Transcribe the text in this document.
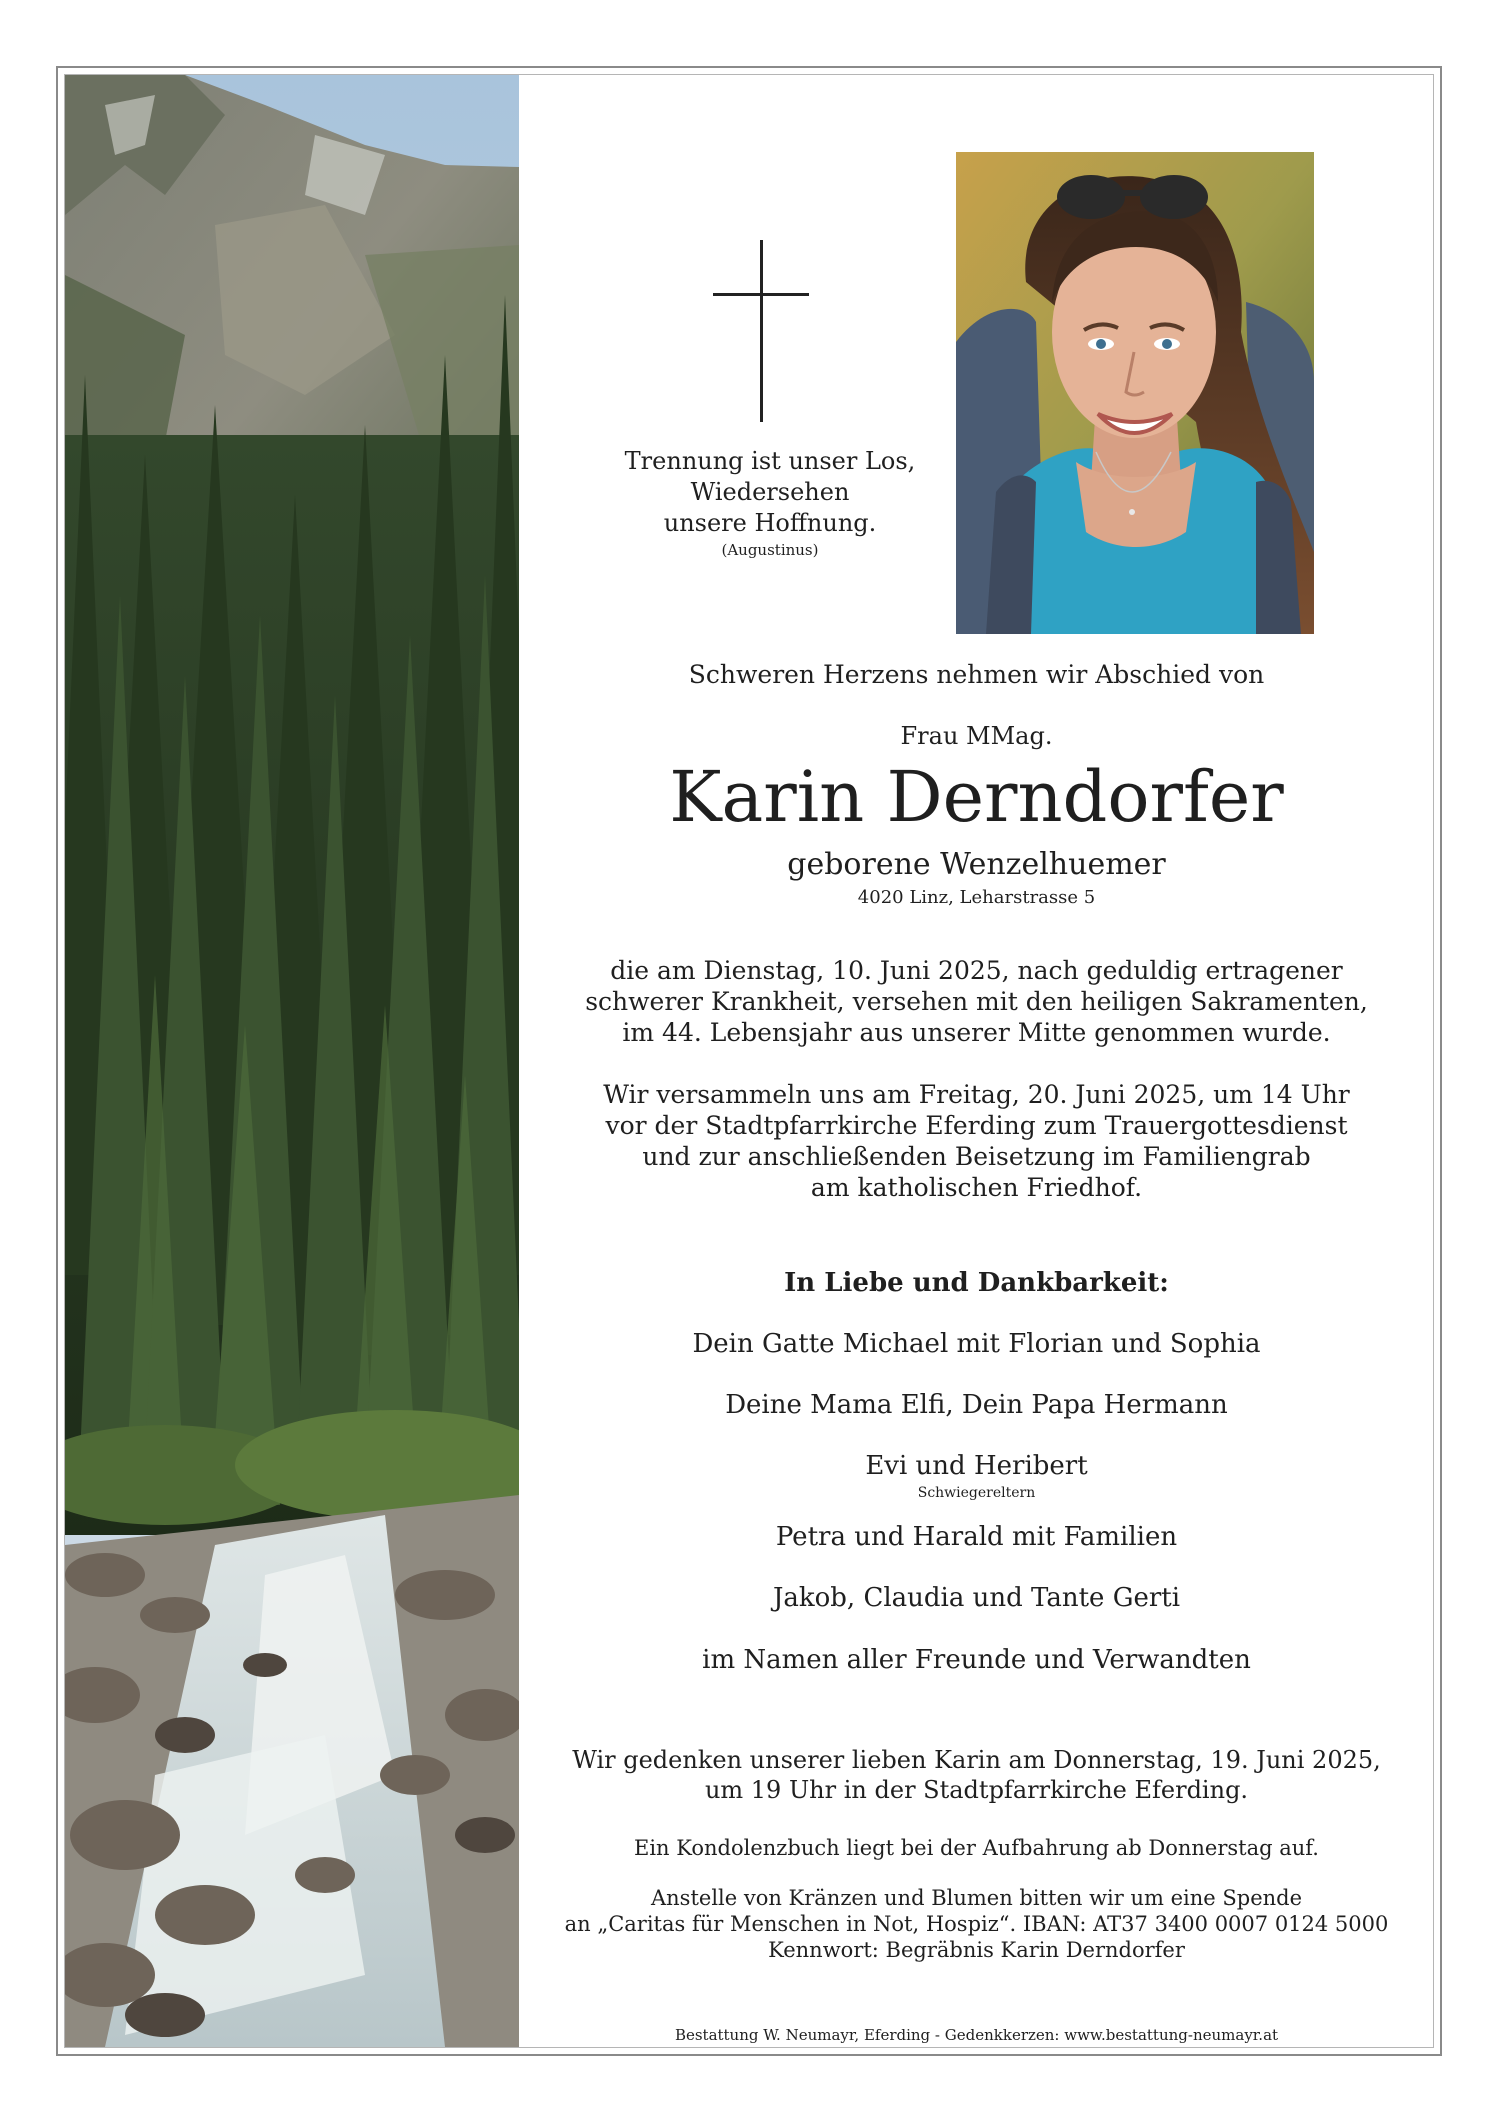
Trennung ist unser Los,
Wiedersehen
unsere Hoffnung.
(Augustinus)
Schweren Herzens nehmen wir Abschied von
Frau MMag.
Karin Derndorfer
geborene Wenzelhuemer
4020 Linz, Leharstrasse 5
die am Dienstag, 10. Juni 2025, nach geduldig ertragener
schwerer Krankheit, versehen mit den heiligen Sakramenten,
im 44. Lebensjahr aus unserer Mitte genommen wurde.
Wir versammeln uns am Freitag, 20. Juni 2025, um 14 Uhr
vor der Stadtpfarrkirche Eferding zum Trauergottesdienst
und zur anschließenden Beisetzung im Familiengrab
am katholischen Friedhof.
In Liebe und Dankbarkeit:
Dein Gatte Michael mit Florian und Sophia
Deine Mama Elfi, Dein Papa Hermann
Evi und Heribert
Schwiegereltern
Petra und Harald mit Familien
Jakob, Claudia und Tante Gerti
im Namen aller Freunde und Verwandten
Wir gedenken unserer lieben Karin am Donnerstag, 19. Juni 2025,
um 19 Uhr in der Stadtpfarrkirche Eferding.
Ein Kondolenzbuch liegt bei der Aufbahrung ab Donnerstag auf.
Anstelle von Kränzen und Blumen bitten wir um eine Spende
an „Caritas für Menschen in Not, Hospiz“. IBAN: AT37 3400 0007 0124 5000
Kennwort: Begräbnis Karin Derndorfer
Bestattung W. Neumayr, Eferding - Gedenkkerzen: www.bestattung-neumayr.at
